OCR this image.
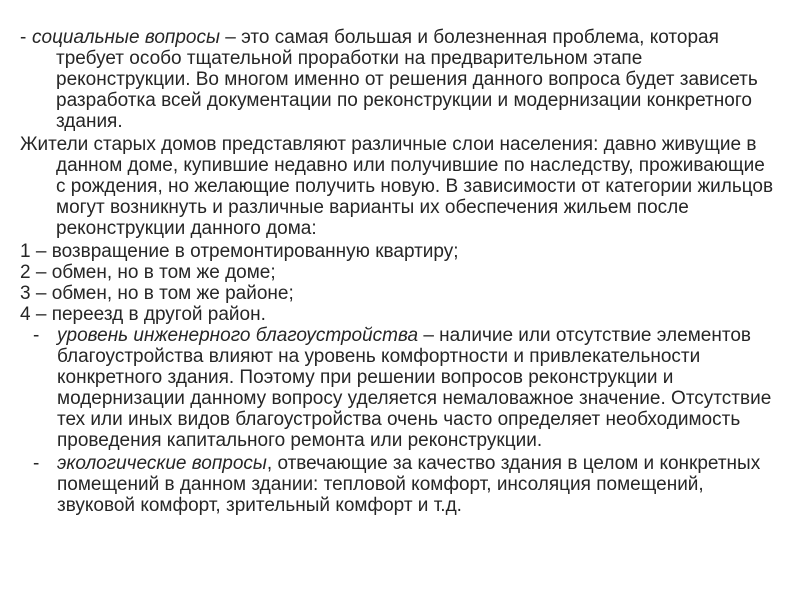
- социальные вопросы – это самая большая и болезненная проблема, которая требует особо тщательной проработки на предварительном этапе реконструкции. Во многом именно от решения данного вопроса будет зависеть разработка всей документации по реконструкции и модернизации конкретного здания.

Жители старых домов представляют различные слои населения: давно живущие в данном доме, купившие недавно или получившие по наследству, проживающие с рождения, но желающие получить новую. В зависимости от категории жильцов могут возникнуть и различные варианты их обеспечения жильем после реконструкции данного дома:

1 – возвращение в отремонтированную квартиру;

2 – обмен, но в том же доме;

3 – обмен, но в том же районе;

4 – переезд в другой район.

- уровень инженерного благоустройства – наличие или отсутствие элементов благоустройства влияют на уровень комфортности и привлекательности конкретного здания. Поэтому при решении вопросов реконструкции и модернизации данному вопросу уделяется немаловажное значение. Отсутствие тех или иных видов благоустройства очень часто определяет необходимость проведения капитального ремонта или реконструкции.

- экологические вопросы, отвечающие за качество здания в целом и конкретных помещений в данном здании: тепловой комфорт, инсоляция помещений, звуковой комфорт, зрительный комфорт и т.д.
